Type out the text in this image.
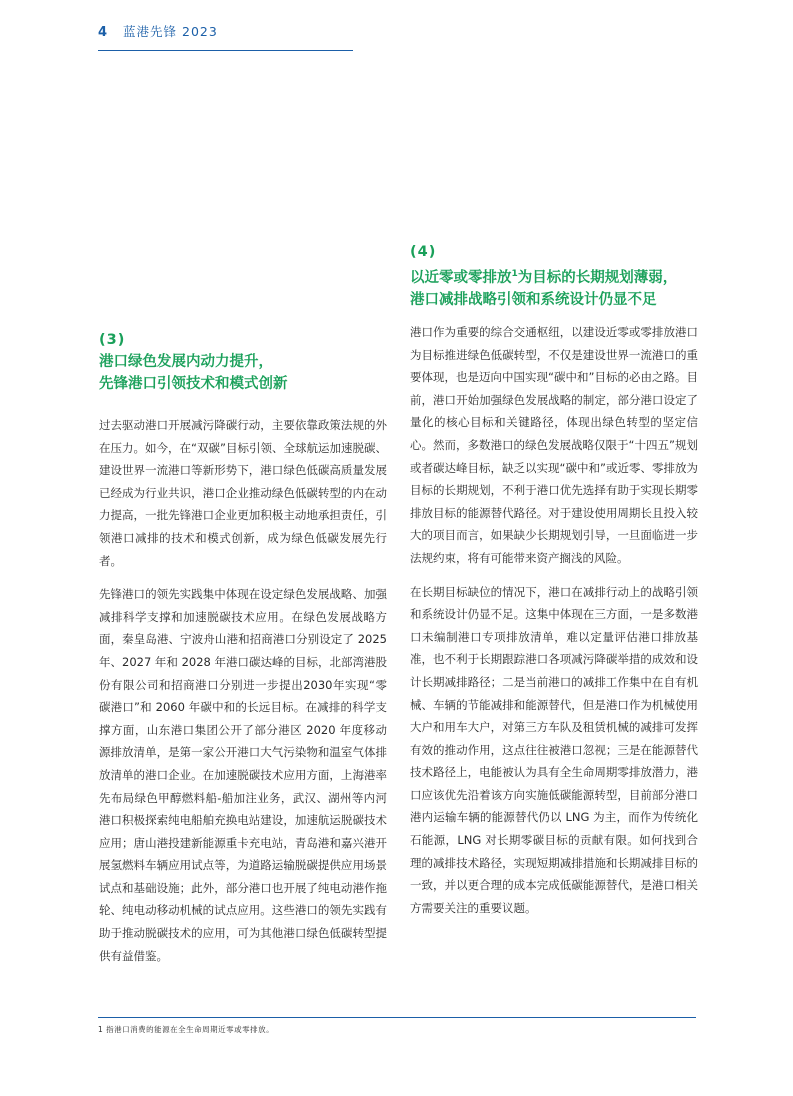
4 蓝港先锋 2023
(4)
以近零或零排放$^1$为目标的长期规划薄弱，
港口减排战略引领和系统设计仍显不足
(3)
港口绿色发展内动力提升，
先锋港口引领技术和模式创新

过去驱动港口开展减污降碳行动，主要依靠政策法规的外在压力。如今，在“双碳”目标引领、全球航运加速脱碳、建设世界一流港口等新形势下，港口绿色低碳高质量发展已经成为行业共识，港口企业推动绿色低碳转型的内在动力提高，一批先锋港口企业更加积极主动地承担责任，引领港口减排的技术和模式创新，成为绿色低碳发展先行者。

先锋港口的领先实践集中体现在设定绿色发展战略、加强减排科学支撑和加速脱碳技术应用。在绿色发展战略方面，秦皇岛港、宁波舟山港和招商港口分别设定了 2025 年、2027 年和 2028 年港口碳达峰的目标，北部湾港股份有限公司和招商港口分别进一步提出2030年实现“零碳港口”和 2060 年碳中和的长远目标。在减排的科学支撑方面，山东港口集团公开了部分港区 2020 年度移动源排放清单，是第一家公开港口大气污染物和温室气体排放清单的港口企业。在加速脱碳技术应用方面，上海港率先布局绿色甲醇燃料船-船加注业务，武汉、湖州等内河港口积极探索纯电船舶充换电站建设，加速航运脱碳技术应用；唐山港投建新能源重卡充电站，青岛港和嘉兴港开展氢燃料车辆应用试点等，为道路运输脱碳提供应用场景试点和基础设施；此外，部分港口也开展了纯电动港作拖轮、纯电动移动机械的试点应用。这些港口的领先实践有助于推动脱碳技术的应用，可为其他港口绿色低碳转型提供有益借鉴。

港口作为重要的综合交通枢纽，以建设近零或零排放港口为目标推进绿色低碳转型，不仅是建设世界一流港口的重要体现，也是迈向中国实现“碳中和”目标的必由之路。目前，港口开始加强绿色发展战略的制定，部分港口设定了量化的核心目标和关键路径，体现出绿色转型的坚定信心。然而，多数港口的绿色发展战略仅限于“十四五”规划或者碳达峰目标，缺乏以实现“碳中和”或近零、零排放为目标的长期规划，不利于港口优先选择有助于实现长期零排放目标的能源替代路径。对于建设使用周期长且投入较大的项目而言，如果缺少长期规划引导，一旦面临进一步法规约束，将有可能带来资产搁浅的风险。

在长期目标缺位的情况下，港口在减排行动上的战略引领和系统设计仍显不足。这集中体现在三方面，一是多数港口未编制港口专项排放清单，难以定量评估港口排放基准，也不利于长期跟踪港口各项减污降碳举措的成效和设计长期减排路径；二是当前港口的减排工作集中在自有机械、车辆的节能减排和能源替代，但是港口作为机械使用大户和用车大户，对第三方车队及租赁机械的减排可发挥有效的推动作用，这点往往被港口忽视；三是在能源替代技术路径上，电能被认为具有全生命周期零排放潜力，港口应该优先沿着该方向实施低碳能源转型，目前部分港口港内运输车辆的能源替代仍以 LNG 为主，而作为传统化石能源，LNG 对长期零碳目标的贡献有限。如何找到合理的减排技术路径，实现短期减排措施和长期减排目标的一致，并以更合理的成本完成低碳能源替代，是港口相关方需要关注的重要议题。

1 指港口消费的能源在全生命周期近零或零排放。
